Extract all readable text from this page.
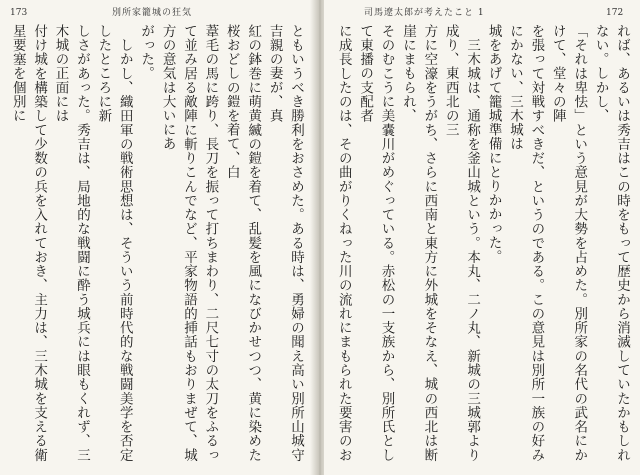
173	別所家籠城の狂気

ともいうべき勝利をおさめた。ある時は、勇婦の聞え高い別所山城守吉親の妻が、真

紅の鉢巻に萌黄縅の鎧を着て、乱髪を風になびかせつつ、黄に染めた桜おどしの鎧を着て、白

葦毛の馬に跨り、長刀を振って打ちまわり、二尺七寸の太刀をふるって並み居る敵陣に斬りこんでなど、平家物語的挿話もおりまぜて、城方の意気は大いにあ

がった。

　しかし、織田軍の戦術思想は、そういう前時代的な戦闘美学を否定したところに新

しさがあった。秀吉は、局地的な戦闘に酔う城兵には眼もくれず、三木城の正面には

付け城を構築して少数の兵を入れておき、主力は、三木城を支える衛星要塞を個別に

司馬遼太郎が考えたこと 1	172

れば、あるいは秀吉はこの時をもって歴史から消滅していたかもしれない。しかし、

「それは卑怯」という意見が大勢を占めた。別所家の名代の武名にかけて、堂々の陣

を張って対戦すべきだ、というのである。この意見は別所一族の好みにかない、三木城は

城をあげて籠城準備にとりかかった。

　三木城は、通称を釜山城という。本丸、二ノ丸、新城の三城郭より成り、東西北の三

方に空濠をうがち、さらに西南と東方に外城をそなえ、城の西北は断崖にまもられ、

そのむこうに美嚢川がめぐっている。赤松の一支族から、別所氏として東播の支配者

に成長したのは、その曲がりくねった川の流れにまもられた要害のお
